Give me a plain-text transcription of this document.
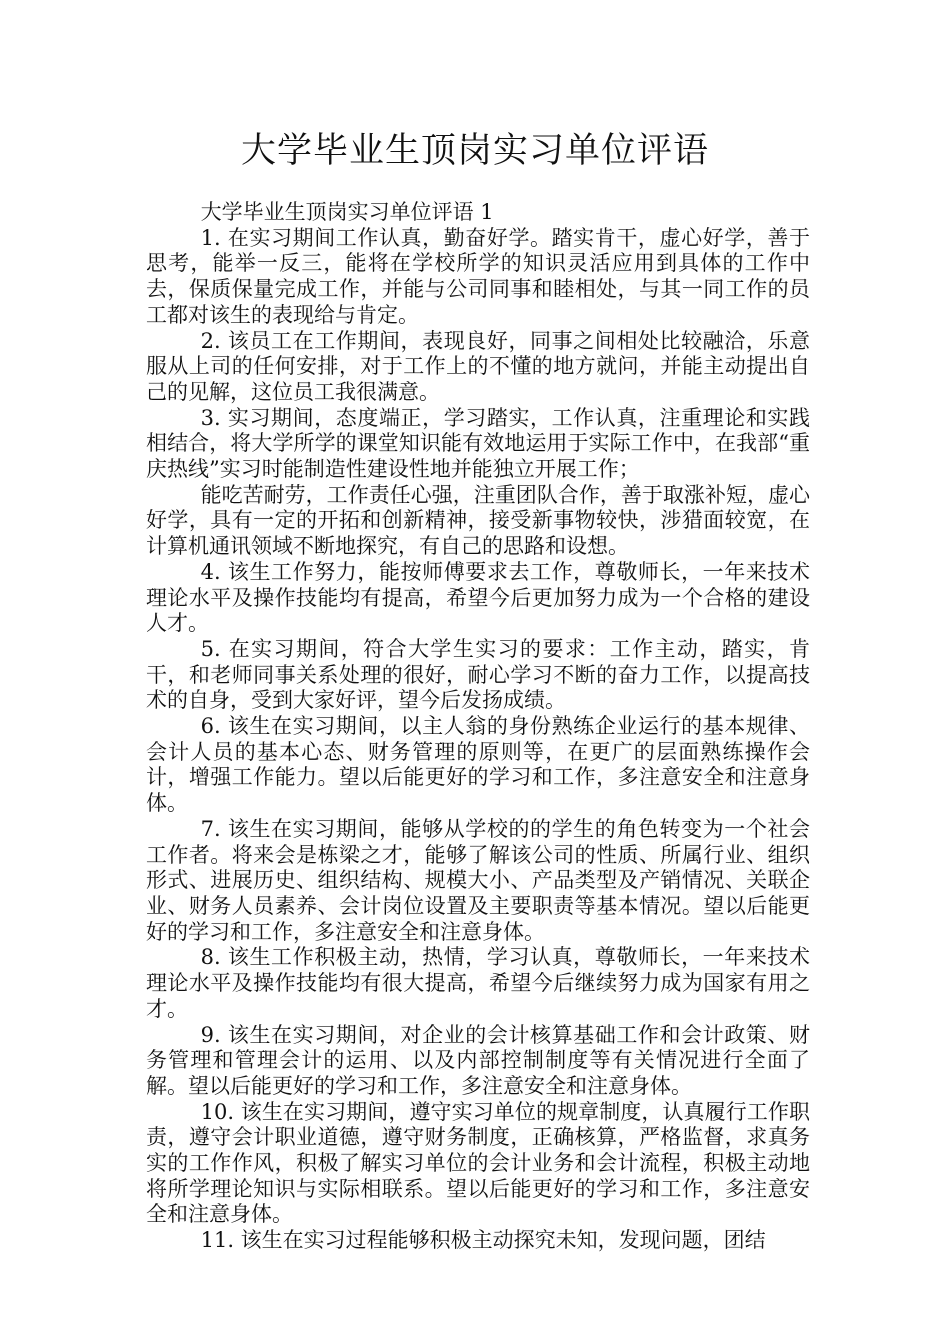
大学毕业生顶岗实习单位评语

大学毕业生顶岗实习单位评语 1

1. 在实习期间工作认真，勤奋好学。踏实肯干，虚心好学，善于思考，能举一反三，能将在学校所学的知识灵活应用到具体的工作中去，保质保量完成工作，并能与公司同事和睦相处，与其一同工作的员工都对该生的表现给与肯定。

2. 该员工在工作期间，表现良好，同事之间相处比较融洽，乐意服从上司的任何安排，对于工作上的不懂的地方就问，并能主动提出自己的见解，这位员工我很满意。

3. 实习期间，态度端正，学习踏实，工作认真，注重理论和实践相结合，将大学所学的课堂知识能有效地运用于实际工作中，在我部“重庆热线”实习时能制造性建设性地并能独立开展工作；

能吃苦耐劳，工作责任心强，注重团队合作，善于取涨补短，虚心好学，具有一定的开拓和创新精神，接受新事物较快，涉猎面较宽，在计算机通讯领域不断地探究，有自己的思路和设想。

4. 该生工作努力，能按师傅要求去工作，尊敬师长，一年来技术理论水平及操作技能均有提高，希望今后更加努力成为一个合格的建设人才。

5. 在实习期间，符合大学生实习的要求：工作主动，踏实，肯干，和老师同事关系处理的很好，耐心学习不断的奋力工作，以提高技术的自身，受到大家好评，望今后发扬成绩。

6. 该生在实习期间，以主人翁的身份熟练企业运行的基本规律、会计人员的基本心态、财务管理的原则等，在更广的层面熟练操作会计，增强工作能力。望以后能更好的学习和工作，多注意安全和注意身体。

7. 该生在实习期间，能够从学校的的学生的角色转变为一个社会工作者。将来会是栋梁之才，能够了解该公司的性质、所属行业、组织形式、进展历史、组织结构、规模大小、产品类型及产销情况、关联企业、财务人员素养、会计岗位设置及主要职责等基本情况。望以后能更好的学习和工作，多注意安全和注意身体。

8. 该生工作积极主动，热情，学习认真，尊敬师长，一年来技术理论水平及操作技能均有很大提高，希望今后继续努力成为国家有用之才。

9. 该生在实习期间，对企业的会计核算基础工作和会计政策、财务管理和管理会计的运用、以及内部控制制度等有关情况进行全面了解。望以后能更好的学习和工作，多注意安全和注意身体。

10. 该生在实习期间，遵守实习单位的规章制度，认真履行工作职责，遵守会计职业道德，遵守财务制度，正确核算，严格监督，求真务实的工作作风，积极了解实习单位的会计业务和会计流程，积极主动地将所学理论知识与实际相联系。望以后能更好的学习和工作，多注意安全和注意身体。

11. 该生在实习过程能够积极主动探究未知，发现问题，团结
